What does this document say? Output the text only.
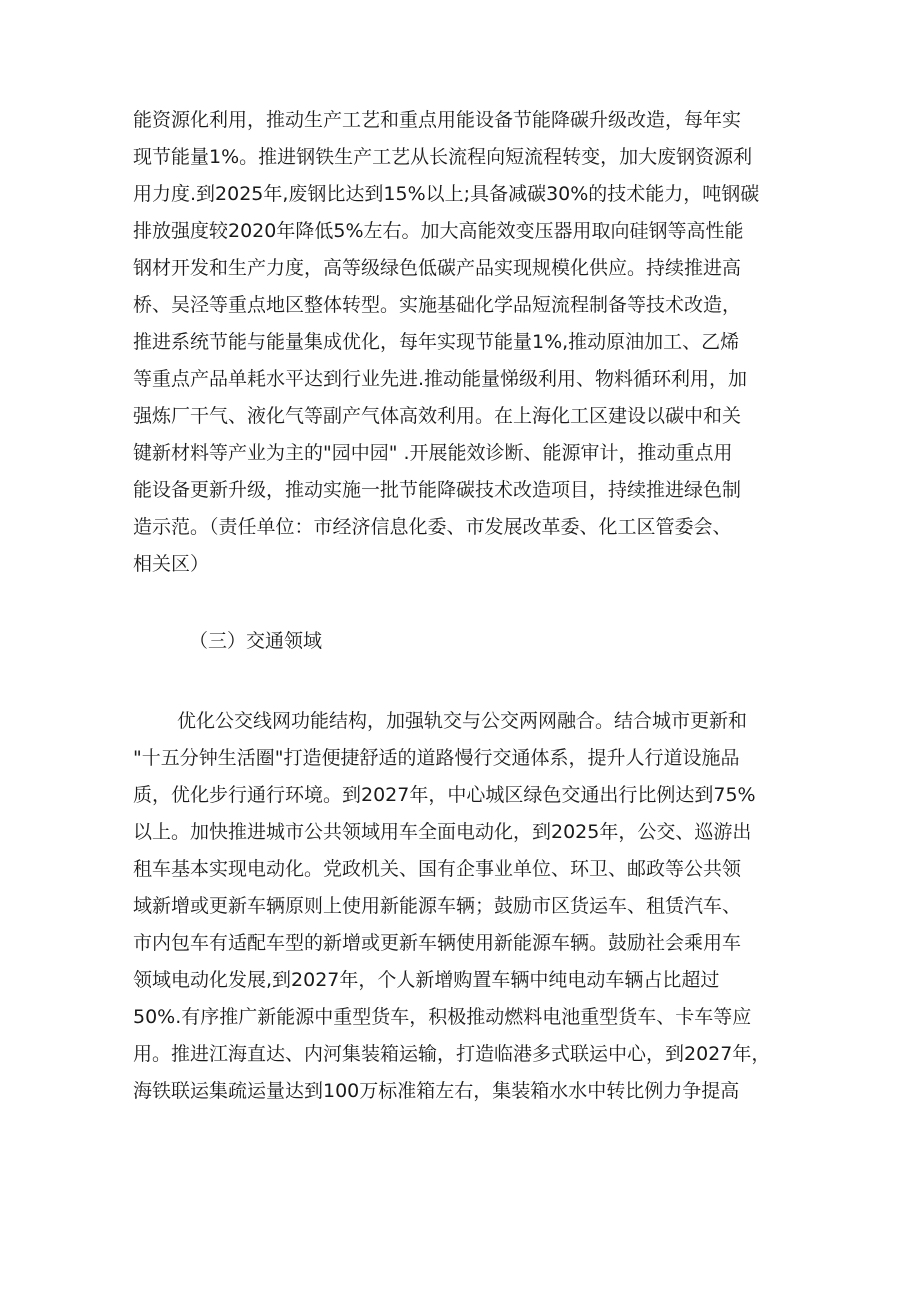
能资源化利用，推动生产工艺和重点用能设备节能降碳升级改造，每年实
现节能量1%。推进钢铁生产工艺从长流程向短流程转变，加大废钢资源利
用力度.到2025年,废钢比达到15%以上;具备减碳30%的技术能力，吨钢碳
排放强度较2020年降低5%左右。加大高能效变压器用取向硅钢等高性能
钢材开发和生产力度，高等级绿色低碳产品实现规模化供应。持续推进高
桥、吴泾等重点地区整体转型。实施基础化学品短流程制备等技术改造，
推进系统节能与能量集成优化，每年实现节能量1%,推动原油加工、乙烯
等重点产品单耗水平达到行业先进.推动能量悌级利用、物料循环利用，加
强炼厂干气、液化气等副产气体高效利用。在上海化工区建设以碳中和关
键新材料等产业为主的"园中园" .开展能效诊断、能源审计，推动重点用
能设备更新升级，推动实施一批节能降碳技术改造项目，持续推进绿色制
造示范。（责任单位：市经济信息化委、市发展改革委、化工区管委会、
相关区）
（三）交通领域
优化公交线网功能结构，加强轨交与公交两网融合。结合城市更新和
"十五分钟生活圈"打造便捷舒适的道路慢行交通体系，提升人行道设施品
质，优化步行通行环境。到2027年，中心城区绿色交通出行比例达到75%
以上。加快推进城市公共领域用车全面电动化，到2025年，公交、巡游出
租车基本实现电动化。党政机关、国有企事业单位、环卫、邮政等公共领
域新增或更新车辆原则上使用新能源车辆；鼓励市区货运车、租赁汽车、
市内包车有适配车型的新增或更新车辆使用新能源车辆。鼓励社会乘用车
领域电动化发展,到2027年，个人新增购置车辆中纯电动车辆占比超过
50%.有序推广新能源中重型货车，积极推动燃料电池重型货车、卡车等应
用。推进江海直达、内河集装箱运输，打造临港多式联运中心，到2027年，
海铁联运集疏运量达到100万标准箱左右，集装箱水水中转比例力争提高
